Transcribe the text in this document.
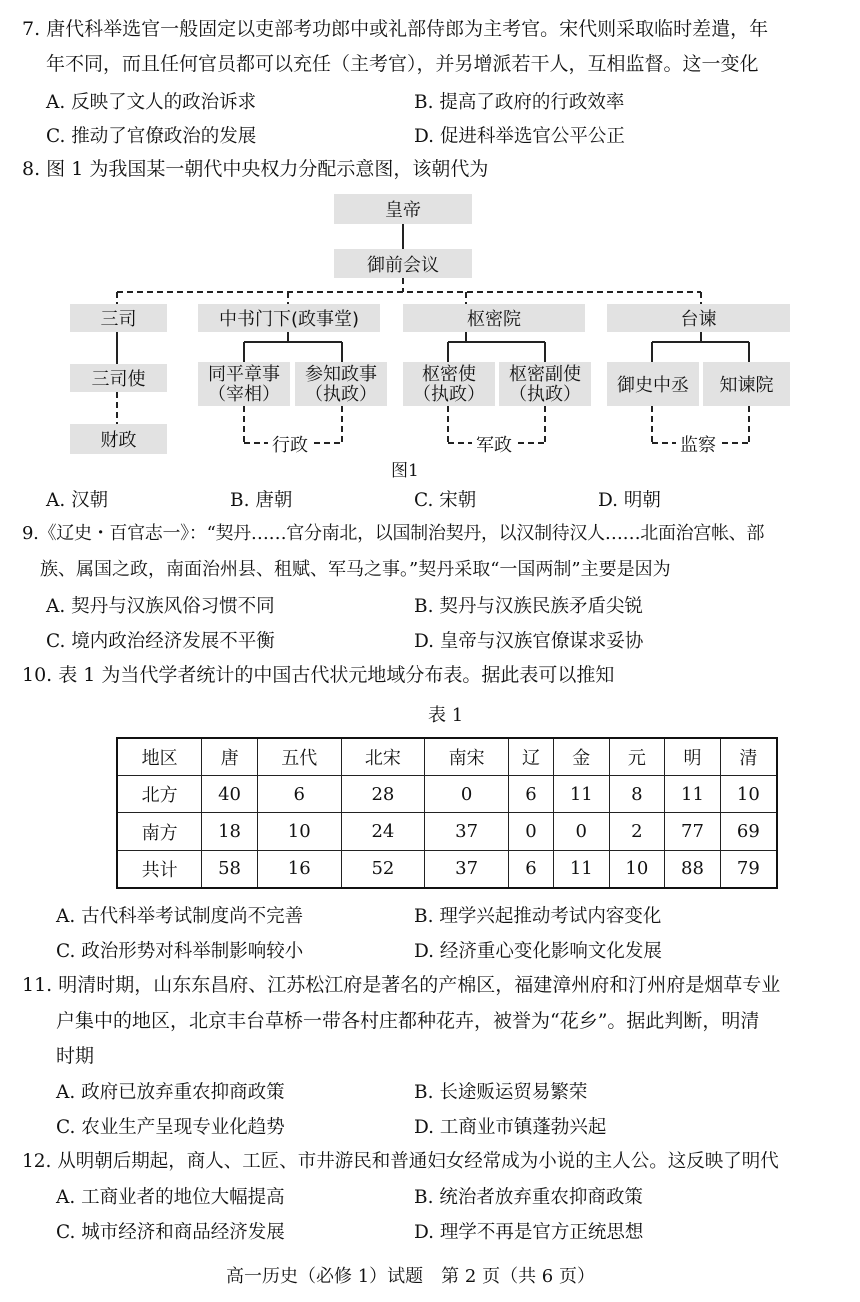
7. 唐代科举选官一般固定以吏部考功郎中或礼部侍郎为主考官。宋代则采取临时差遣，年
年不同，而且任何官员都可以充任（主考官），并另增派若干人，互相监督。这一变化
A. 反映了文人的政治诉求	B. 提高了政府的行政效率
C. 推动了官僚政治的发展	D. 促进科举选官公平公正
8. 图 1 为我国某一朝代中央权力分配示意图，该朝代为
皇帝
御前会议
三司	中书门下(政事堂)	枢密院	台谏
三司使	同平章事
（宰相）
参知政事
（执政）
枢密使
（执政）
枢密副使
（执政）	御史中丞	知谏院
财政	行政	军政	监察
图1
A. 汉朝	B. 唐朝	C. 宋朝	D. 明朝
9.《辽史・百官志一》：“契丹……官分南北，以国制治契丹，以汉制待汉人……北面治宫帐、部
族、属国之政，南面治州县、租赋、军马之事。”契丹采取“一国两制”主要是因为
A. 契丹与汉族风俗习惯不同	B. 契丹与汉族民族矛盾尖锐
C. 境内政治经济发展不平衡	D. 皇帝与汉族官僚谋求妥协
10. 表 1 为当代学者统计的中国古代状元地域分布表。据此表可以推知
表 1
地区	唐	五代	北宋	南宋	辽	金	元	明	清
北方	40	6	28	0	6	11	8	11	10
南方	18	10	24	37	0	0	2	77	69
共计	58	16	52	37	6	11	10	88	79
A. 古代科举考试制度尚不完善	B. 理学兴起推动考试内容变化
C. 政治形势对科举制影响较小	D. 经济重心变化影响文化发展
11. 明清时期，山东东昌府、江苏松江府是著名的产棉区，福建漳州府和汀州府是烟草专业
户集中的地区，北京丰台草桥一带各村庄都种花卉，被誉为“花乡”。据此判断，明清
时期
A. 政府已放弃重农抑商政策	B. 长途贩运贸易繁荣
C. 农业生产呈现专业化趋势	D. 工商业市镇蓬勃兴起
12. 从明朝后期起，商人、工匠、市井游民和普通妇女经常成为小说的主人公。这反映了明代
A. 工商业者的地位大幅提高	B. 统治者放弃重农抑商政策
C. 城市经济和商品经济发展	D. 理学不再是官方正统思想
高一历史（必修 1）试题　第 2 页（共 6 页）
